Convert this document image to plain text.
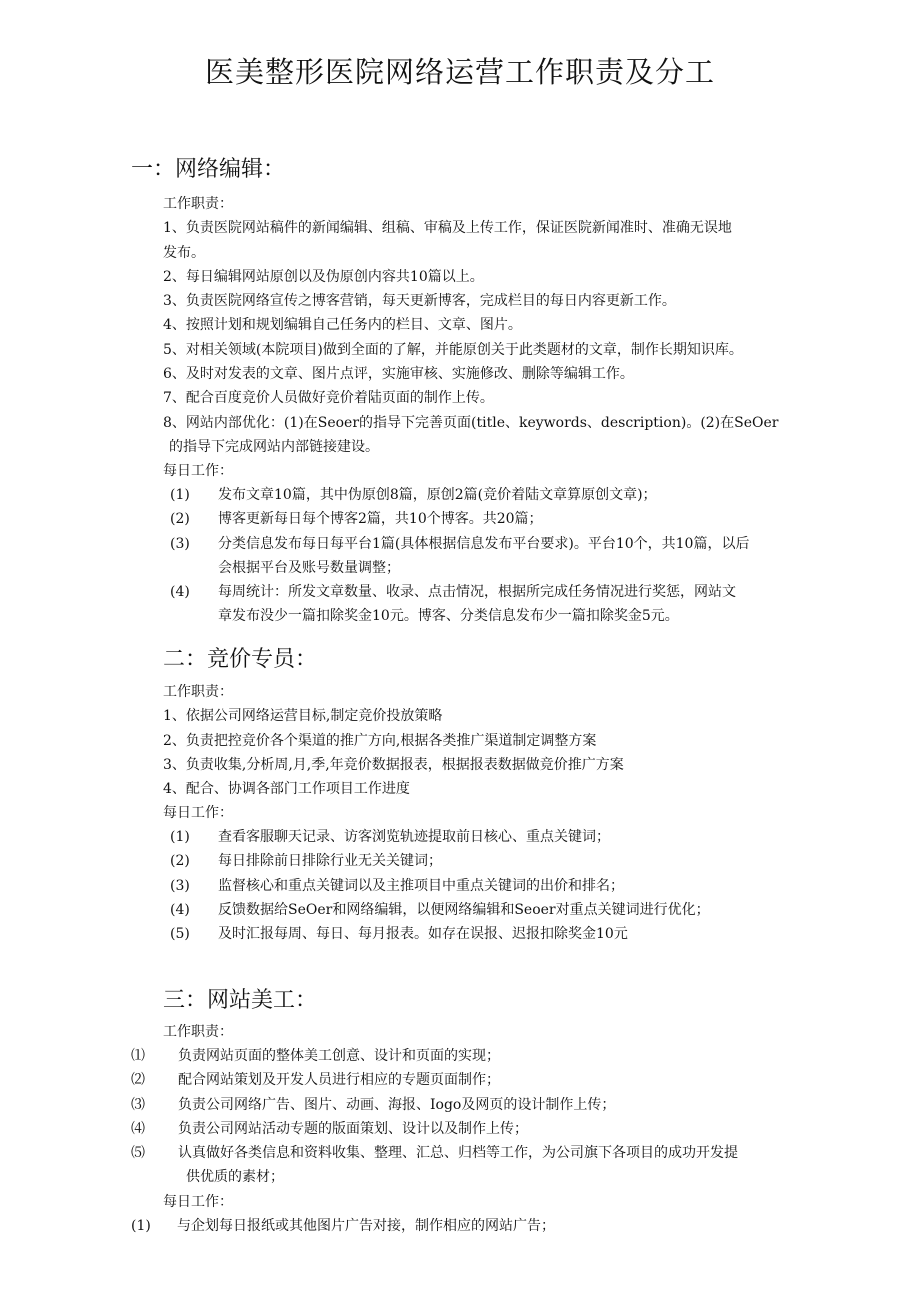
医美整形医院网络运营工作职责及分工
一：网络编辑：
工作职责：
1、负责医院网站稿件的新闻编辑、组稿、审稿及上传工作，保证医院新闻准时、准确无误地
发布。
2、每日编辑网站原创以及伪原创内容共10篇以上。
3、负责医院网络宣传之博客营销，每天更新博客，完成栏目的每日内容更新工作。
4、按照计划和规划编辑自己任务内的栏目、文章、图片。
5、对相关领域(本院项目)做到全面的了解，并能原创关于此类题材的文章，制作长期知识库。
6、及时对发表的文章、图片点评，实施审核、实施修改、删除等编辑工作。
7、配合百度竞价人员做好竞价着陆页面的制作上传。
8、网站内部优化：(1)在Seoer的指导下完善页面(title、keywords、description)。(2)在SeOer
的指导下完成网站内部链接建设。
每日工作：
(1)	发布文章10篇，其中伪原创8篇，原创2篇(竞价着陆文章算原创文章)；
(2)	博客更新每日每个博客2篇，共10个博客。共20篇；
(3)	分类信息发布每日每平台1篇(具体根据信息发布平台要求)。平台10个，共10篇，以后
会根据平台及账号数量调整；
(4)	每周统计：所发文章数量、收录、点击情况，根据所完成任务情况进行奖惩，网站文
章发布没少一篇扣除奖金10元。博客、分类信息发布少一篇扣除奖金5元。
二：竞价专员：
工作职责：
1、依据公司网络运营目标,制定竞价投放策略
2、负责把控竞价各个渠道的推广方向,根据各类推广渠道制定调整方案
3、负责收集,分析周,月,季,年竞价数据报表，根据报表数据做竞价推广方案
4、配合、协调各部门工作项目工作进度
每日工作：
(1)	查看客服聊天记录、访客浏览轨迹提取前日核心、重点关键词；
(2)	每日排除前日排除行业无关关键词；
(3)	监督核心和重点关键词以及主推项目中重点关键词的出价和排名；
(4)	反馈数据给SeOer和网络编辑，以便网络编辑和Seoer对重点关键词进行优化；
(5)	及时汇报每周、每日、每月报表。如存在误报、迟报扣除奖金10元
三：网站美工：
工作职责：
⑴	负责网站页面的整体美工创意、设计和页面的实现；
⑵	配合网站策划及开发人员进行相应的专题页面制作；
⑶	负责公司网络广告、图片、动画、海报、Iogo及网页的设计制作上传；
⑷	负责公司网站活动专题的版面策划、设计以及制作上传；
⑸	认真做好各类信息和资料收集、整理、汇总、归档等工作，为公司旗下各项目的成功开发提
供优质的素材；
每日工作：
(1)	与企划每日报纸或其他图片广告对接，制作相应的网站广告；
